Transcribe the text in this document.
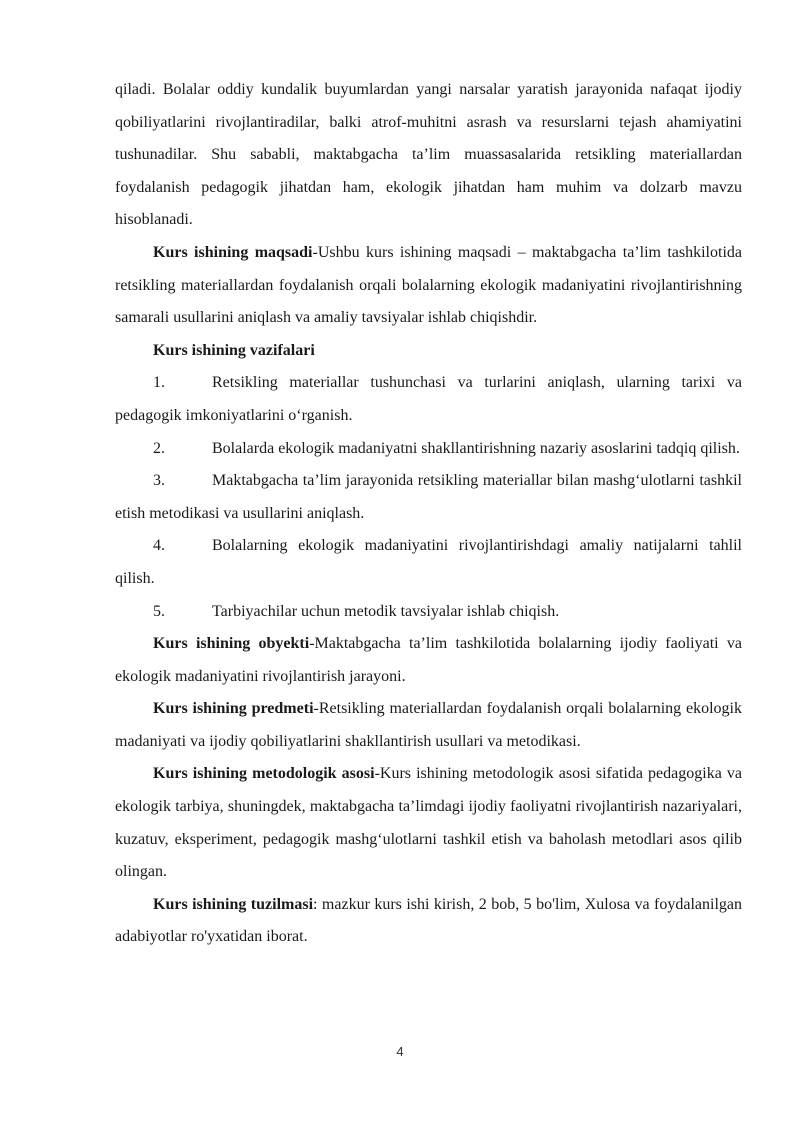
qiladi. Bolalar oddiy kundalik buyumlardan yangi narsalar yaratish jarayonida nafaqat ijodiy qobiliyatlarini rivojlantiradilar, balki atrof-muhitni asrash va resurslarni tejash ahamiyatini tushunadilar. Shu sababli, maktabgacha ta’lim muassasalarida retsikling materiallardan foydalanish pedagogik jihatdan ham, ekologik jihatdan ham muhim va dolzarb mavzu hisoblanadi.

Kurs ishining maqsadi-Ushbu kurs ishining maqsadi – maktabgacha ta’lim tashkilotida retsikling materiallardan foydalanish orqali bolalarning ekologik madaniyatini rivojlantirishning samarali usullarini aniqlash va amaliy tavsiyalar ishlab chiqishdir.

Kurs ishining vazifalari

1.	Retsikling materiallar tushunchasi va turlarini aniqlash, ularning tarixi va pedagogik imkoniyatlarini o‘rganish.

2.	Bolalarda ekologik madaniyatni shakllantirishning nazariy asoslarini tadqiq qilish.

3.	Maktabgacha ta’lim jarayonida retsikling materiallar bilan mashg‘ulotlarni tashkil etish metodikasi va usullarini aniqlash.

4.	Bolalarning ekologik madaniyatini rivojlantirishdagi amaliy natijalarni tahlil qilish.

5.	Tarbiyachilar uchun metodik tavsiyalar ishlab chiqish.

Kurs ishining obyekti-Maktabgacha ta’lim tashkilotida bolalarning ijodiy faoliyati va ekologik madaniyatini rivojlantirish jarayoni.

Kurs ishining predmeti-Retsikling materiallardan foydalanish orqali bolalarning ekologik madaniyati va ijodiy qobiliyatlarini shakllantirish usullari va metodikasi.

Kurs ishining metodologik asosi-Kurs ishining metodologik asosi sifatida pedagogika va ekologik tarbiya, shuningdek, maktabgacha ta’limdagi ijodiy faoliyatni rivojlantirish nazariyalari, kuzatuv, eksperiment, pedagogik mashg‘ulotlarni tashkil etish va baholash metodlari asos qilib olingan.

Kurs ishining tuzilmasi: mazkur kurs ishi kirish, 2 bob, 5 bo'lim, Xulosa va foydalanilgan adabiyotlar ro'yxatidan iborat.

4
